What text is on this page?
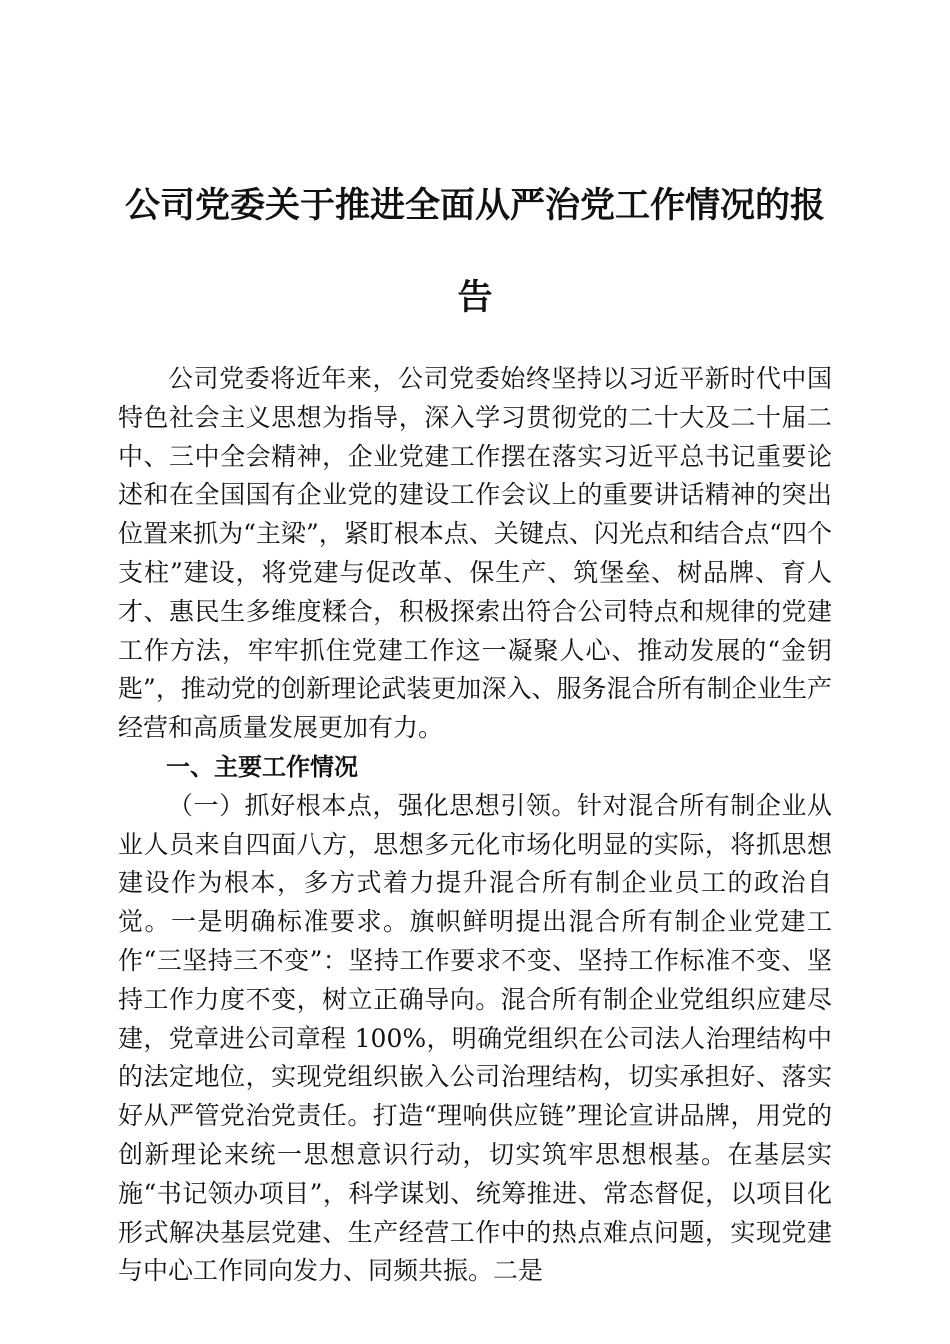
公司党委关于推进全面从严治党工作情况的报告

公司党委将近年来，公司党委始终坚持以习近平新时代中国特色社会主义思想为指导，深入学习贯彻党的二十大及二十届二中、三中全会精神，企业党建工作摆在落实习近平总书记重要论述和在全国国有企业党的建设工作会议上的重要讲话精神的突出位置来抓为“主梁”，紧盯根本点、关键点、闪光点和结合点“四个支柱”建设，将党建与促改革、保生产、筑堡垒、树品牌、育人才、惠民生多维度糅合，积极探索出符合公司特点和规律的党建工作方法，牢牢抓住党建工作这一凝聚人心、推动发展的“金钥匙”，推动党的创新理论武装更加深入、服务混合所有制企业生产经营和高质量发展更加有力。

一、主要工作情况

（一）抓好根本点，强化思想引领。针对混合所有制企业从业人员来自四面八方，思想多元化市场化明显的实际，将抓思想建设作为根本，多方式着力提升混合所有制企业员工的政治自觉。一是明确标准要求。旗帜鲜明提出混合所有制企业党建工作“三坚持三不变”：坚持工作要求不变、坚持工作标准不变、坚持工作力度不变，树立正确导向。混合所有制企业党组织应建尽建，党章进公司章程 100%，明确党组织在公司法人治理结构中的法定地位，实现党组织嵌入公司治理结构，切实承担好、落实好从严管党治党责任。打造“理响供应链”理论宣讲品牌，用党的创新理论来统一思想意识行动，切实筑牢思想根基。在基层实施“书记领办项目”，科学谋划、统筹推进、常态督促，以项目化形式解决基层党建、生产经营工作中的热点难点问题，实现党建与中心工作同向发力、同频共振。二是
